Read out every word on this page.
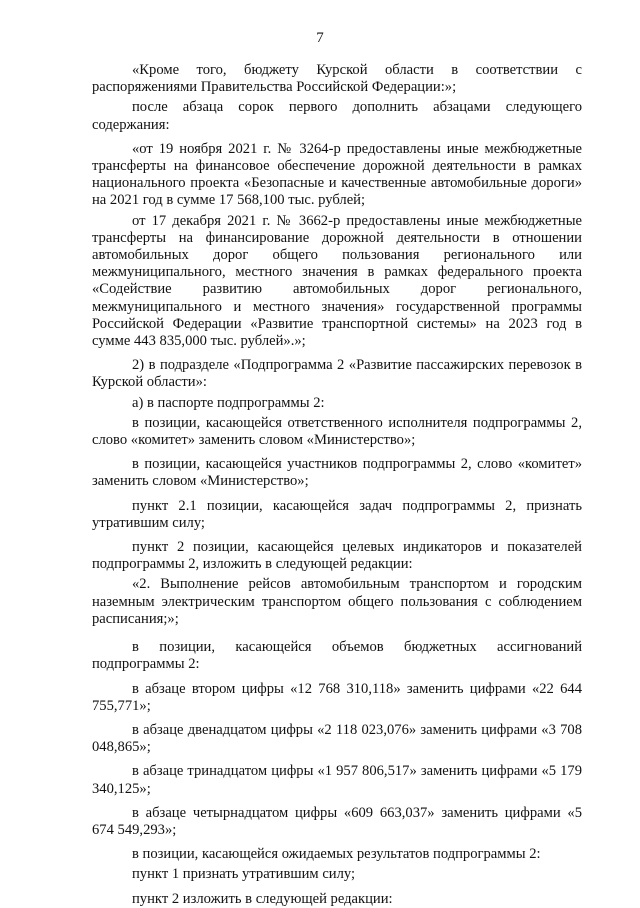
7

«Кроме того, бюджету Курской области в соответствии с распоряжениями Правительства Российской Федерации:»;

после абзаца сорок первого дополнить абзацами следующего содержания:

«от 19 ноября 2021 г. № 3264-р предоставлены иные межбюджетные трансферты на финансовое обеспечение дорожной деятельности в рамках национального проекта «Безопасные и качественные автомобильные дороги» на 2021 год в сумме 17 568,100 тыс. рублей;

от 17 декабря 2021 г. № 3662-р предоставлены иные межбюджетные трансферты на финансирование дорожной деятельности в отношении автомобильных дорог общего пользования регионального или межмуниципального, местного значения в рамках федерального проекта «Содействие развитию автомобильных дорог регионального, межмуниципального и местного значения» государственной программы Российской Федерации «Развитие транспортной системы» на 2023 год в сумме 443 835,000 тыс. рублей».»;

2) в подразделе «Подпрограмма 2 «Развитие пассажирских перевозок в Курской области»:

а) в паспорте подпрограммы 2:

в позиции, касающейся ответственного исполнителя подпрограммы 2, слово «комитет» заменить словом «Министерство»;

в позиции, касающейся участников подпрограммы 2, слово «комитет» заменить словом «Министерство»;

пункт 2.1 позиции, касающейся задач подпрограммы 2, признать утратившим силу;

пункт 2 позиции, касающейся целевых индикаторов и показателей подпрограммы 2, изложить в следующей редакции:

«2. Выполнение рейсов автомобильным транспортом и городским наземным электрическим транспортом общего пользования с соблюдением расписания;»;

в позиции, касающейся объемов бюджетных ассигнований подпрограммы 2:

в абзаце втором цифры «12 768 310,118» заменить цифрами «22 644 755,771»;

в абзаце двенадцатом цифры «2 118 023,076» заменить цифрами «3 708 048,865»;

в абзаце тринадцатом цифры «1 957 806,517» заменить цифрами «5 179 340,125»;

в абзаце четырнадцатом цифры «609 663,037» заменить цифрами «5 674 549,293»;

в позиции, касающейся ожидаемых результатов подпрограммы 2:

пункт 1 признать утратившим силу;

пункт 2 изложить в следующей редакции:
